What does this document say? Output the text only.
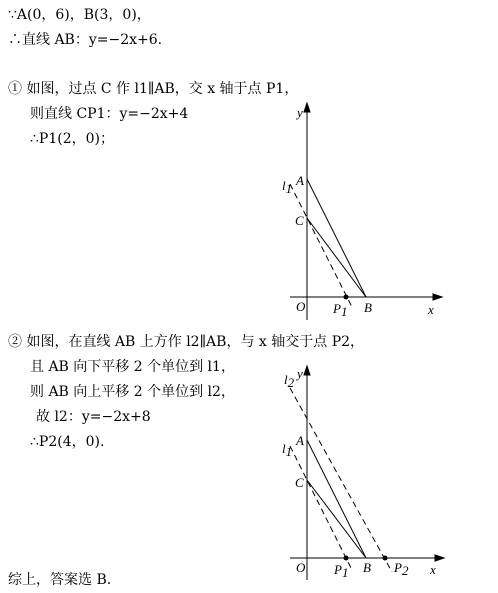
∵A(0，6)，B(3，0)，
∴直线 AB：y=−2x+6.
① 如图，过点 C 作 l1∥AB，交 x 轴于点 P1，
则直线 CP1：y=−2x+4
∴P1(2，0)；
② 如图，在直线 AB 上方作 l2∥AB，与 x 轴交于点 P2，
且 AB 向下平移 2 个单位到 l1，
则 AB 向上平移 2 个单位到 l2，
故 l2：y=−2x+8
∴P2(4，0).
综上，答案选 B.
y
x
O
A
C
B
P1
l1
y
x
O
A
C
B
P1	P2
l1
l2
